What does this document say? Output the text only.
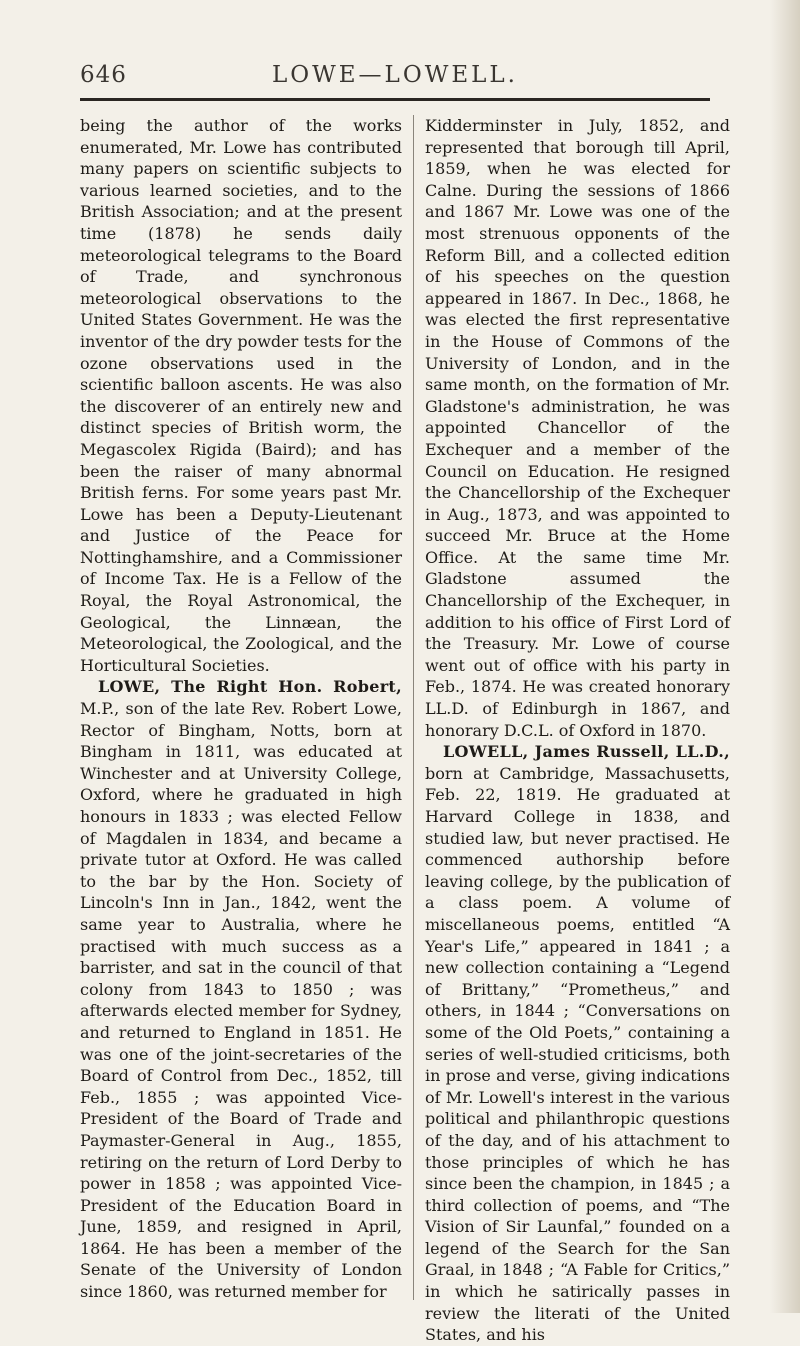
646	LOWE—LOWELL.

being the author of the works enumerated, Mr. Lowe has contributed many papers on scientific subjects to various learned societies, and to the British Association; and at the present time (1878) he sends daily meteorological telegrams to the Board of Trade, and synchronous meteorological observations to the United States Government. He was the inventor of the dry powder tests for the ozone observations used in the scientific balloon ascents. He was also the discoverer of an entirely new and distinct species of British worm, the Megascolex Rigida (Baird); and has been the raiser of many abnormal British ferns. For some years past Mr. Lowe has been a Deputy-Lieutenant and Justice of the Peace for Nottinghamshire, and a Commissioner of Income Tax. He is a Fellow of the Royal, the Royal Astronomical, the Geological, the Linnæan, the Meteorological, the Zoological, and the Horticultural Societies.

LOWE, The Right Hon. Robert, M.P., son of the late Rev. Robert Lowe, Rector of Bingham, Notts, born at Bingham in 1811, was educated at Winchester and at University College, Oxford, where he graduated in high honours in 1833 ; was elected Fellow of Magdalen in 1834, and became a private tutor at Oxford. He was called to the bar by the Hon. Society of Lincoln's Inn in Jan., 1842, went the same year to Australia, where he practised with much success as a barrister, and sat in the council of that colony from 1843 to 1850 ; was afterwards elected member for Sydney, and returned to England in 1851. He was one of the joint-secretaries of the Board of Control from Dec., 1852, till Feb., 1855 ; was appointed Vice-President of the Board of Trade and Paymaster-General in Aug., 1855, retiring on the return of Lord Derby to power in 1858 ; was appointed Vice-President of the Education Board in June, 1859, and resigned in April, 1864. He has been a member of the Senate of the University of London since 1860, was returned member for

Kidderminster in July, 1852, and represented that borough till April, 1859, when he was elected for Calne. During the sessions of 1866 and 1867 Mr. Lowe was one of the most strenuous opponents of the Reform Bill, and a collected edition of his speeches on the question appeared in 1867. In Dec., 1868, he was elected the first representative in the House of Commons of the University of London, and in the same month, on the formation of Mr. Gladstone's administration, he was appointed Chancellor of the Exchequer and a member of the Council on Education. He resigned the Chancellorship of the Exchequer in Aug., 1873, and was appointed to succeed Mr. Bruce at the Home Office. At the same time Mr. Gladstone assumed the Chancellorship of the Exchequer, in addition to his office of First Lord of the Treasury. Mr. Lowe of course went out of office with his party in Feb., 1874. He was created honorary LL.D. of Edinburgh in 1867, and honorary D.C.L. of Oxford in 1870.

LOWELL, James Russell, LL.D., born at Cambridge, Massachusetts, Feb. 22, 1819. He graduated at Harvard College in 1838, and studied law, but never practised. He commenced authorship before leaving college, by the publication of a class poem. A volume of miscellaneous poems, entitled “A Year's Life,” appeared in 1841 ; a new collection containing a “Legend of Brittany,” “Prometheus,” and others, in 1844 ; “Conversations on some of the Old Poets,” containing a series of well-studied criticisms, both in prose and verse, giving indications of Mr. Lowell's interest in the various political and philanthropic questions of the day, and of his attachment to those principles of which he has since been the champion, in 1845 ; a third collection of poems, and “The Vision of Sir Launfal,” founded on a legend of the Search for the San Graal, in 1848 ; “A Fable for Critics,” in which he satirically passes in review the literati of the United States, and his
